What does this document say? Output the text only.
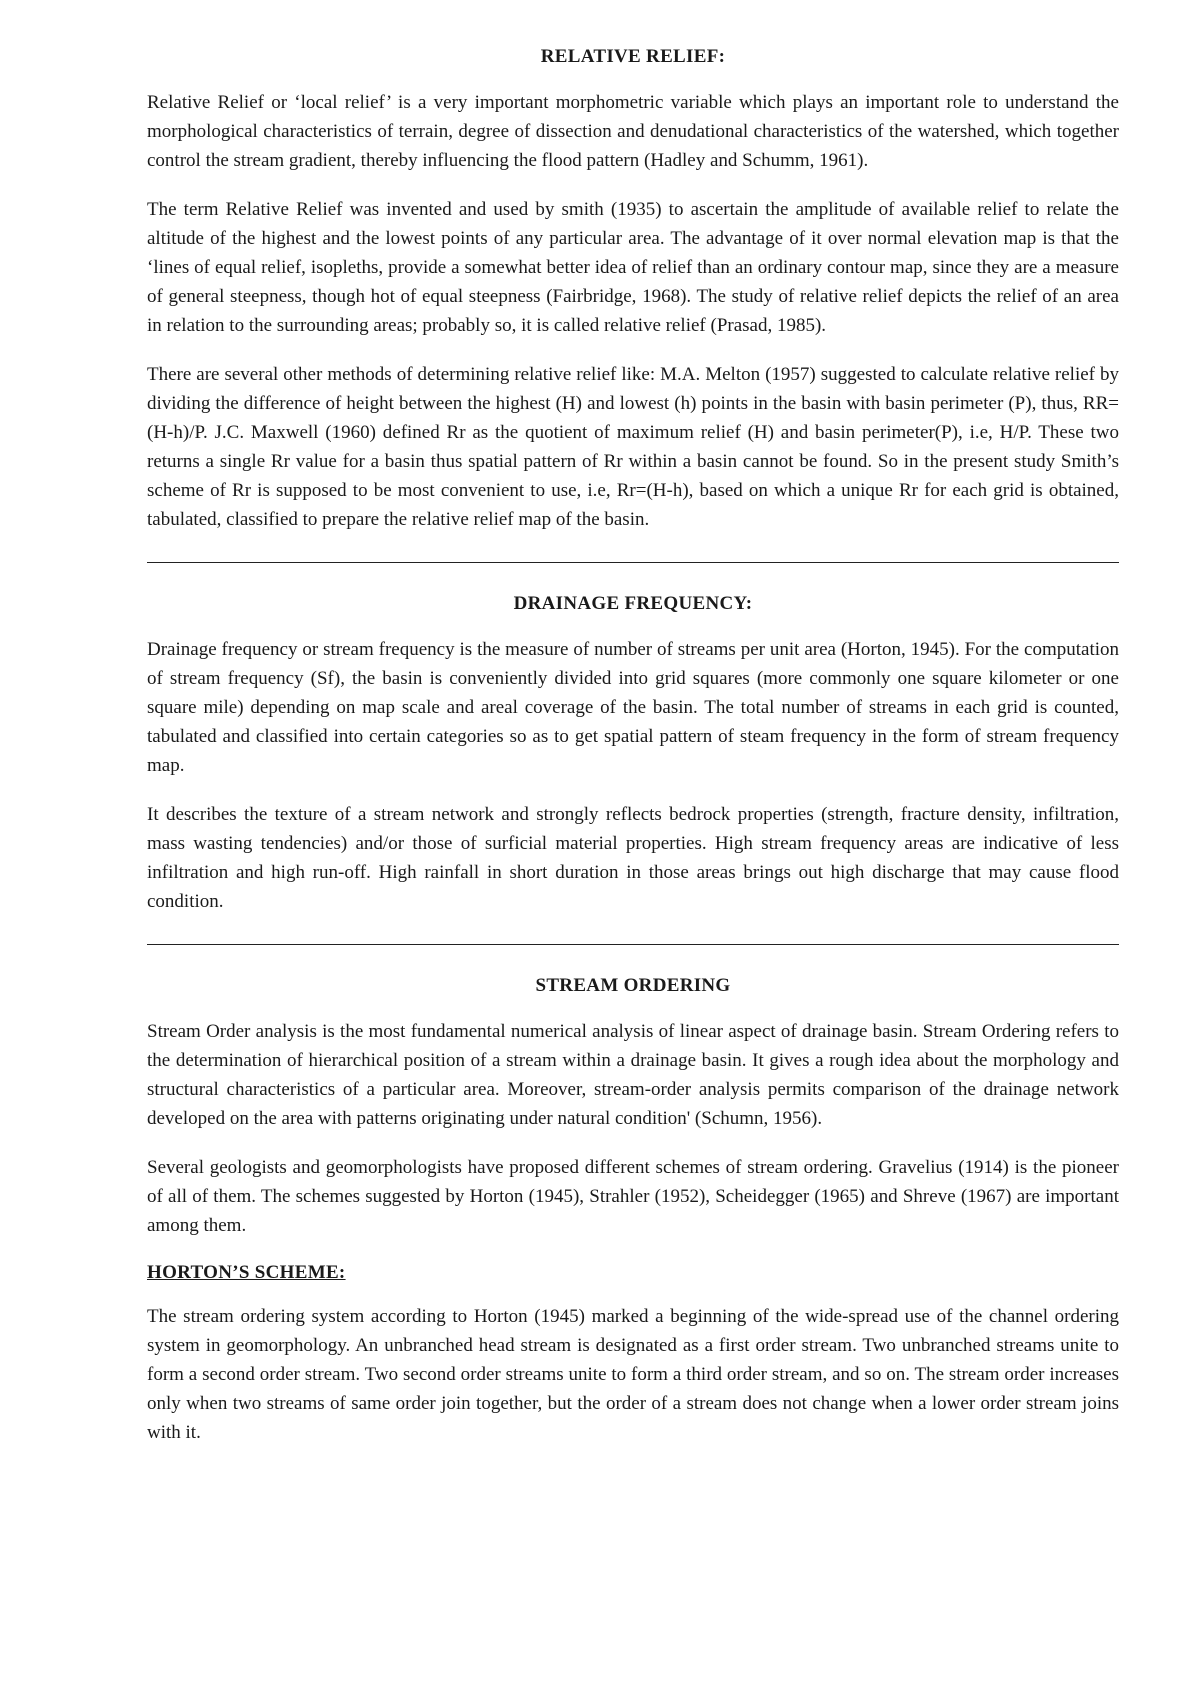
RELATIVE RELIEF:

Relative Relief or ‘local relief’ is a very important morphometric variable which plays an important role to understand the morphological characteristics of terrain, degree of dissection and denudational characteristics of the watershed, which together control the stream gradient, thereby influencing the flood pattern (Hadley and Schumm, 1961).

The term Relative Relief was invented and used by smith (1935) to ascertain the amplitude of available relief to relate the altitude of the highest and the lowest points of any particular area. The advantage of it over normal elevation map is that the ‘lines of equal relief, isopleths, provide a somewhat better idea of relief than an ordinary contour map, since they are a measure of general steepness, though hot of equal steepness (Fairbridge, 1968). The study of relative relief depicts the relief of an area in relation to the surrounding areas; probably so, it is called relative relief (Prasad, 1985).

There are several other methods of determining relative relief like: M.A. Melton (1957) suggested to calculate relative relief by dividing the difference of height between the highest (H) and lowest (h) points in the basin with basin perimeter (P), thus, RR=(H-h)/P. J.C. Maxwell (1960) defined Rr as the quotient of maximum relief (H) and basin perimeter(P), i.e, H/P. These two returns a single Rr value for a basin thus spatial pattern of Rr within a basin cannot be found. So in the present study Smith’s scheme of Rr is supposed to be most convenient to use, i.e, Rr=(H-h), based on which a unique Rr for each grid is obtained, tabulated, classified to prepare the relative relief map of the basin.

DRAINAGE FREQUENCY:

Drainage frequency or stream frequency is the measure of number of streams per unit area (Horton, 1945). For the computation of stream frequency (Sf), the basin is conveniently divided into grid squares (more commonly one square kilometer or one square mile) depending on map scale and areal coverage of the basin. The total number of streams in each grid is counted, tabulated and classified into certain categories so as to get spatial pattern of steam frequency in the form of stream frequency map.

It describes the texture of a stream network and strongly reflects bedrock properties (strength, fracture density, infiltration, mass wasting tendencies) and/or those of surficial material properties. High stream frequency areas are indicative of less infiltration and high run-off. High rainfall in short duration in those areas brings out high discharge that may cause flood condition.

STREAM ORDERING

Stream Order analysis is the most fundamental numerical analysis of linear aspect of drainage basin. Stream Ordering refers to the determination of hierarchical position of a stream within a drainage basin. It gives a rough idea about the morphology and structural characteristics of a particular area. Moreover, stream-order analysis permits comparison of the drainage network developed on the area with patterns originating under natural condition' (Schumn, 1956).

Several geologists and geomorphologists have proposed different schemes of stream ordering. Gravelius (1914) is the pioneer of all of them. The schemes suggested by Horton (1945), Strahler (1952), Scheidegger (1965) and Shreve (1967) are important among them.

HORTON’S SCHEME:

The stream ordering system according to Horton (1945) marked a beginning of the wide-spread use of the channel ordering system in geomorphology. An unbranched head stream is designated as a first order stream. Two unbranched streams unite to form a second order stream. Two second order streams unite to form a third order stream, and so on. The stream order increases only when two streams of same order join together, but the order of a stream does not change when a lower order stream joins with it.
